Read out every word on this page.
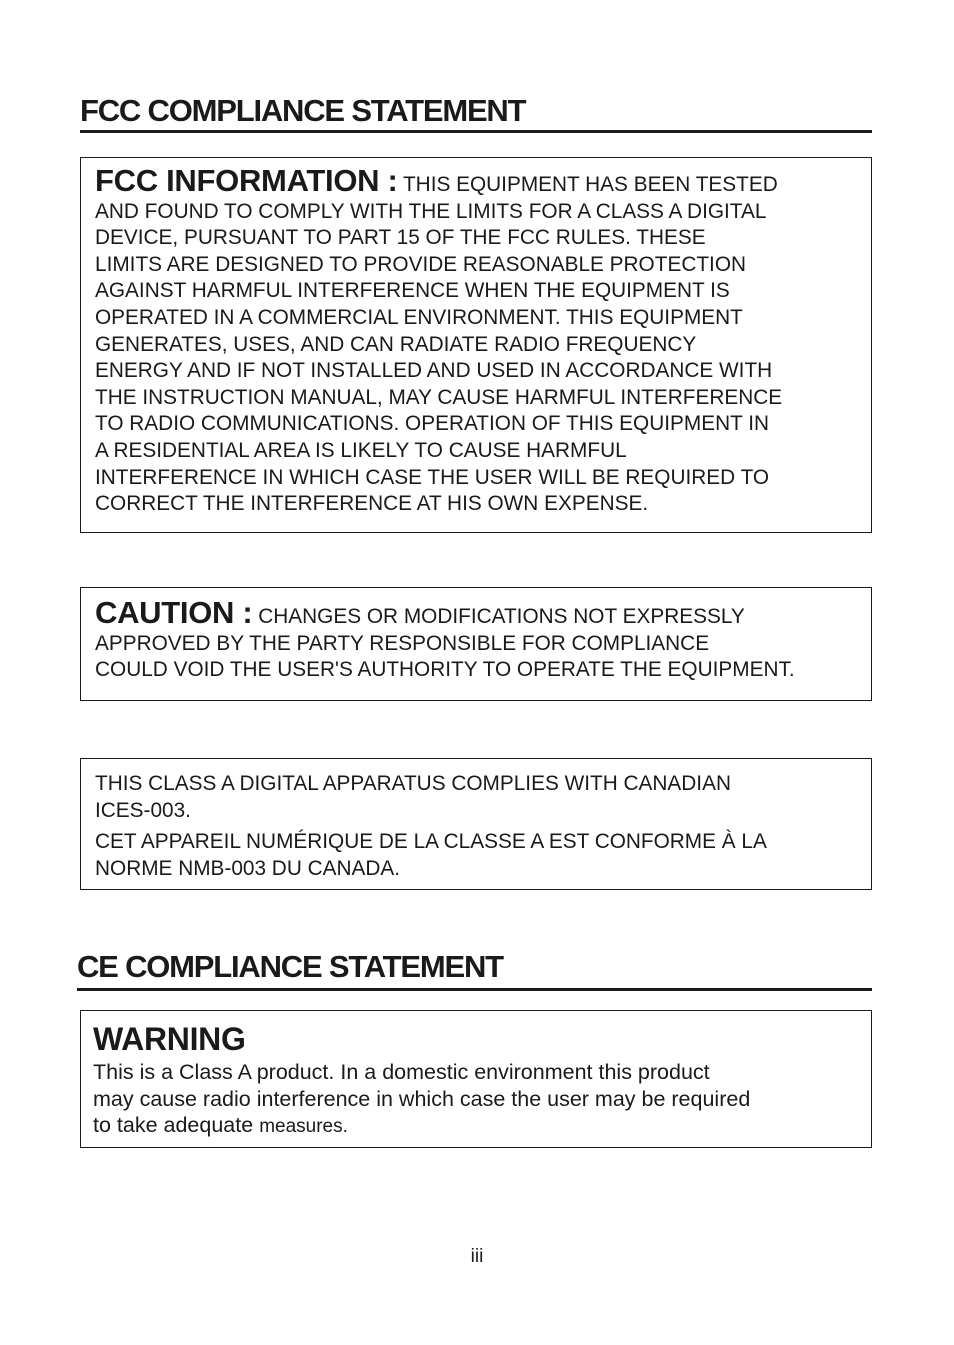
FCC COMPLIANCE STATEMENT
FCC INFORMATION : THIS EQUIPMENT HAS BEEN TESTED
AND FOUND TO COMPLY WITH THE LIMITS FOR A CLASS A DIGITAL
DEVICE, PURSUANT TO PART 15 OF THE FCC RULES. THESE
LIMITS ARE DESIGNED TO PROVIDE REASONABLE PROTECTION
AGAINST HARMFUL INTERFERENCE WHEN THE EQUIPMENT IS
OPERATED IN A COMMERCIAL ENVIRONMENT. THIS EQUIPMENT
GENERATES, USES, AND CAN RADIATE RADIO FREQUENCY
ENERGY AND IF NOT INSTALLED AND USED IN ACCORDANCE WITH
THE INSTRUCTION MANUAL, MAY CAUSE HARMFUL INTERFERENCE
TO RADIO COMMUNICATIONS. OPERATION OF THIS EQUIPMENT IN
A RESIDENTIAL AREA IS LIKELY TO CAUSE HARMFUL
INTERFERENCE IN WHICH CASE THE USER WILL BE REQUIRED TO
CORRECT THE INTERFERENCE AT HIS OWN EXPENSE.
CAUTION : CHANGES OR MODIFICATIONS NOT EXPRESSLY
APPROVED BY THE PARTY RESPONSIBLE FOR COMPLIANCE
COULD VOID THE USER'S AUTHORITY TO OPERATE THE EQUIPMENT.
THIS CLASS A DIGITAL APPARATUS COMPLIES WITH CANADIAN
ICES-003.
CET APPAREIL NUMÉRIQUE DE LA CLASSE A EST CONFORME À LA
NORME NMB-003 DU CANADA.
CE COMPLIANCE STATEMENT
WARNING
This is a Class A product. In a domestic environment this product
may cause radio interference in which case the user may be required
to take adequate measures.
iii
